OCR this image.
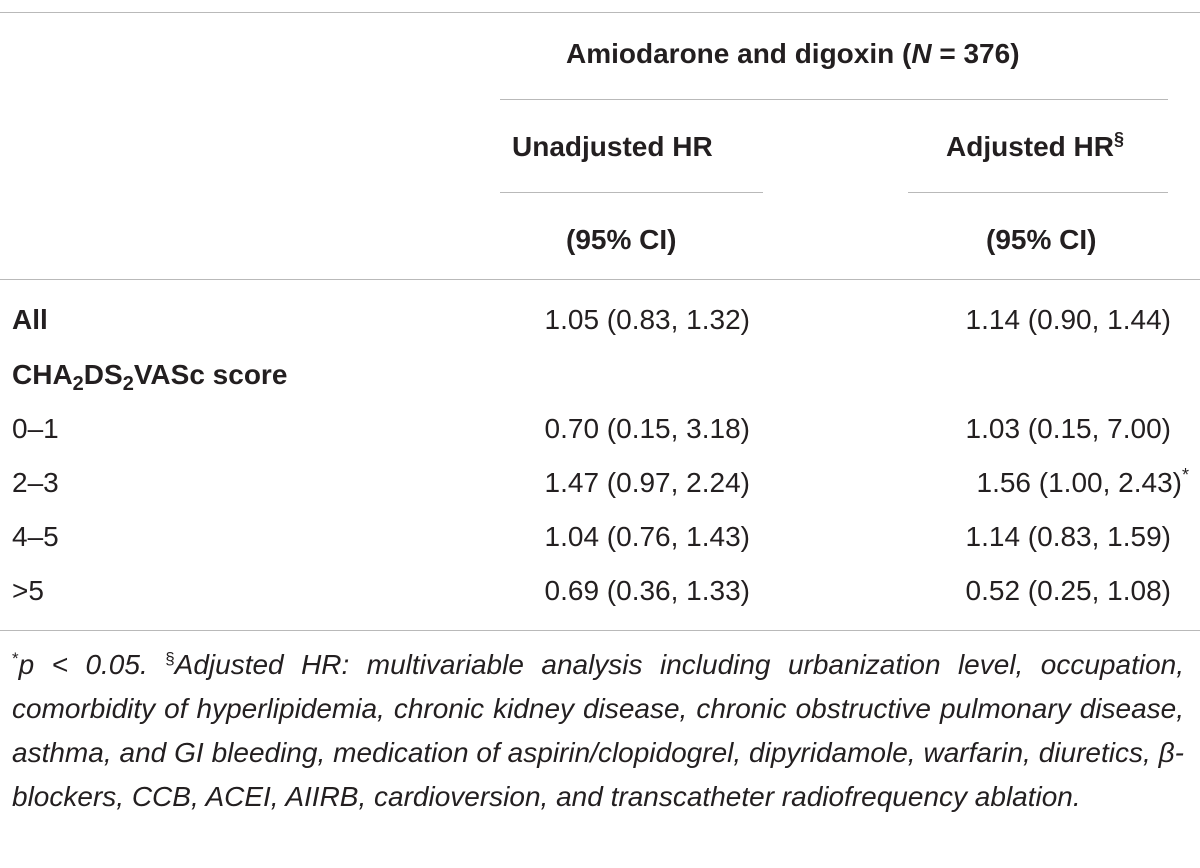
Amiodarone and digoxin (N = 376)
Unadjusted HR	Adjusted HR§
(95% CI)	(95% CI)
All	1.05 (0.83, 1.32)	1.14 (0.90, 1.44)
$CHA_2DS_2VASc$ score
0–1	0.70 (0.15, 3.18)	1.03 (0.15, 7.00)
2–3	1.47 (0.97, 2.24)	1.56 (1.00, 2.43)*
4–5	1.04 (0.76, 1.43)	1.14 (0.83, 1.59)
>5	0.69 (0.36, 1.33)	0.52 (0.25, 1.08)
*p < 0.05. §Adjusted HR: multivariable analysis including urbanization level, occupation, comorbidity of hyperlipidemia, chronic kidney disease, chronic obstructive pulmonary disease, asthma, and GI bleeding, medication of aspirin/clopidogrel, dipyridamole, warfarin, diuretics, β-blockers, CCB, ACEI, AIIRB, cardioversion, and transcatheter radiofrequency ablation.
